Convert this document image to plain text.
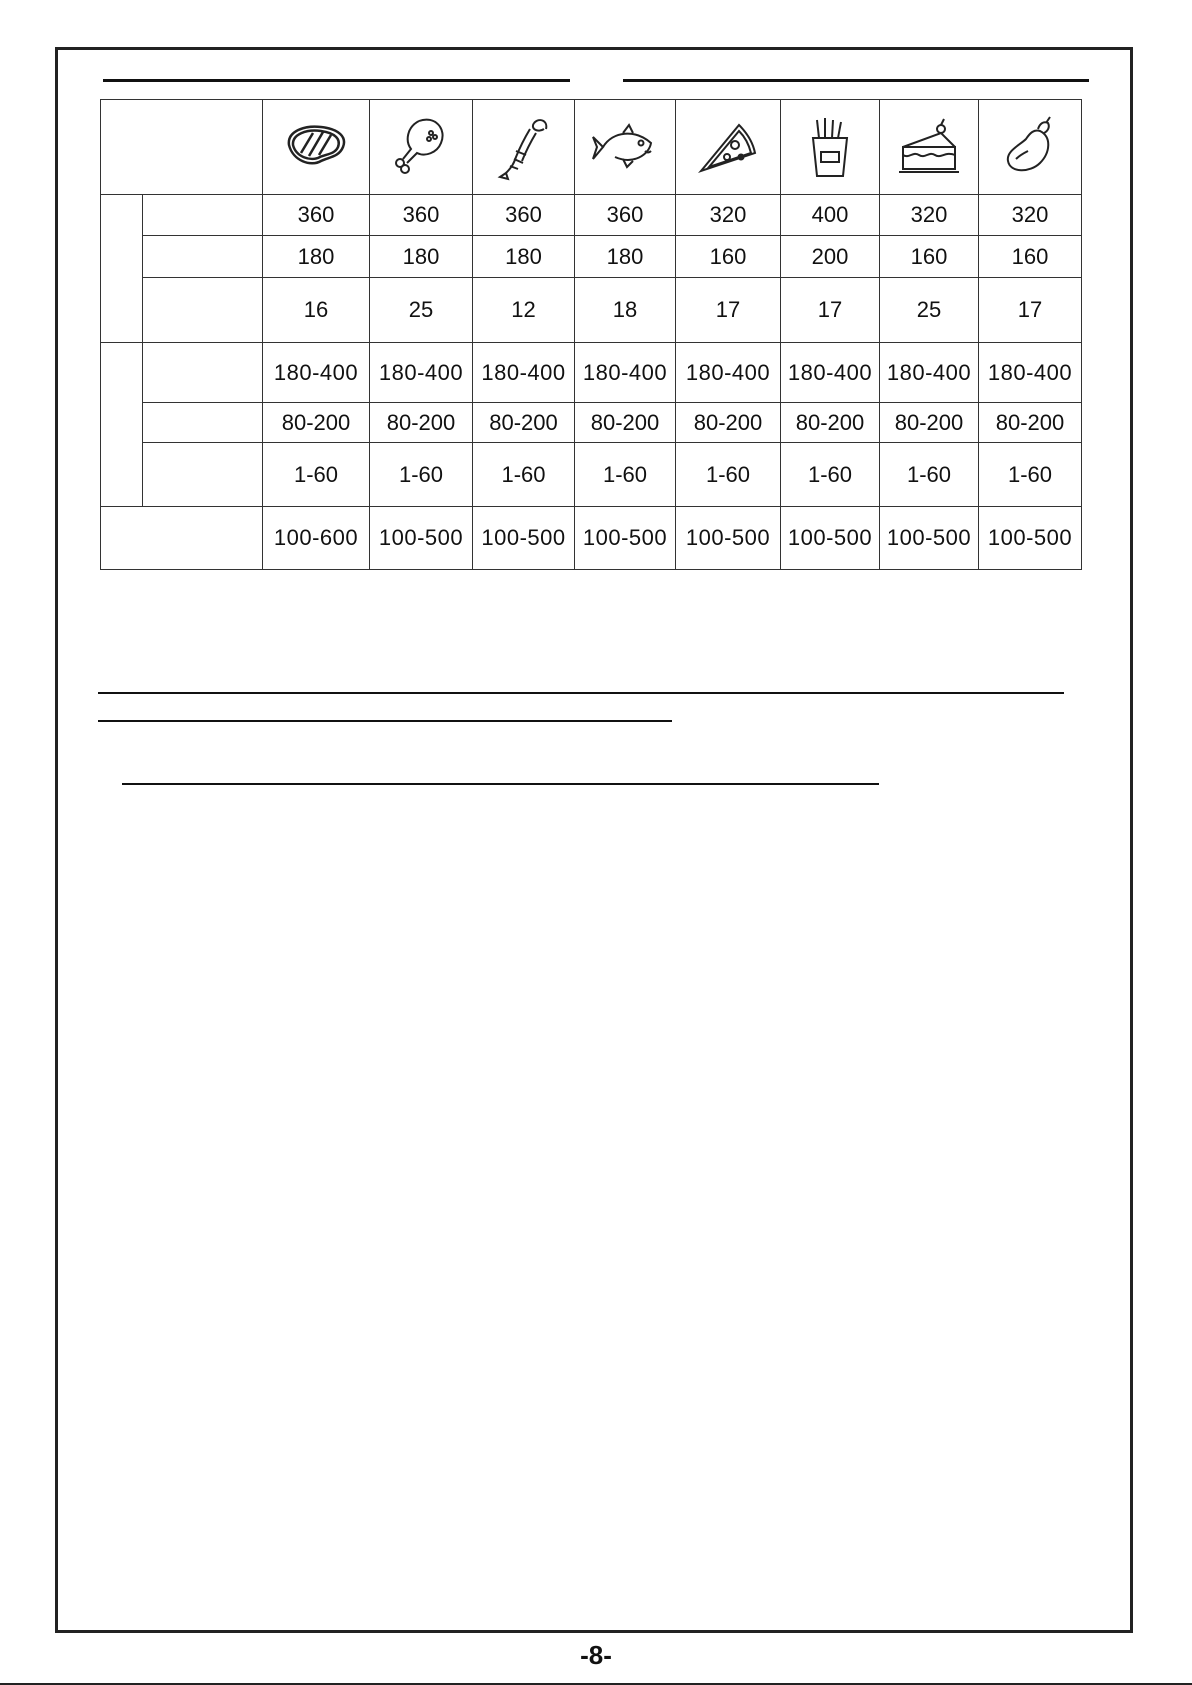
		360	360	360	360	320	400	320	320
		180	180	180	180	160	200	160	160
		16	25	12	18	17	17	25	17
		180-400	180-400	180-400	180-400	180-400	180-400	180-400	180-400
		80-200	80-200	80-200	80-200	80-200	80-200	80-200	80-200
		1-60	1-60	1-60	1-60	1-60	1-60	1-60	1-60
		100-600	100-500	100-500	100-500	100-500	100-500	100-500	100-500
-8-
